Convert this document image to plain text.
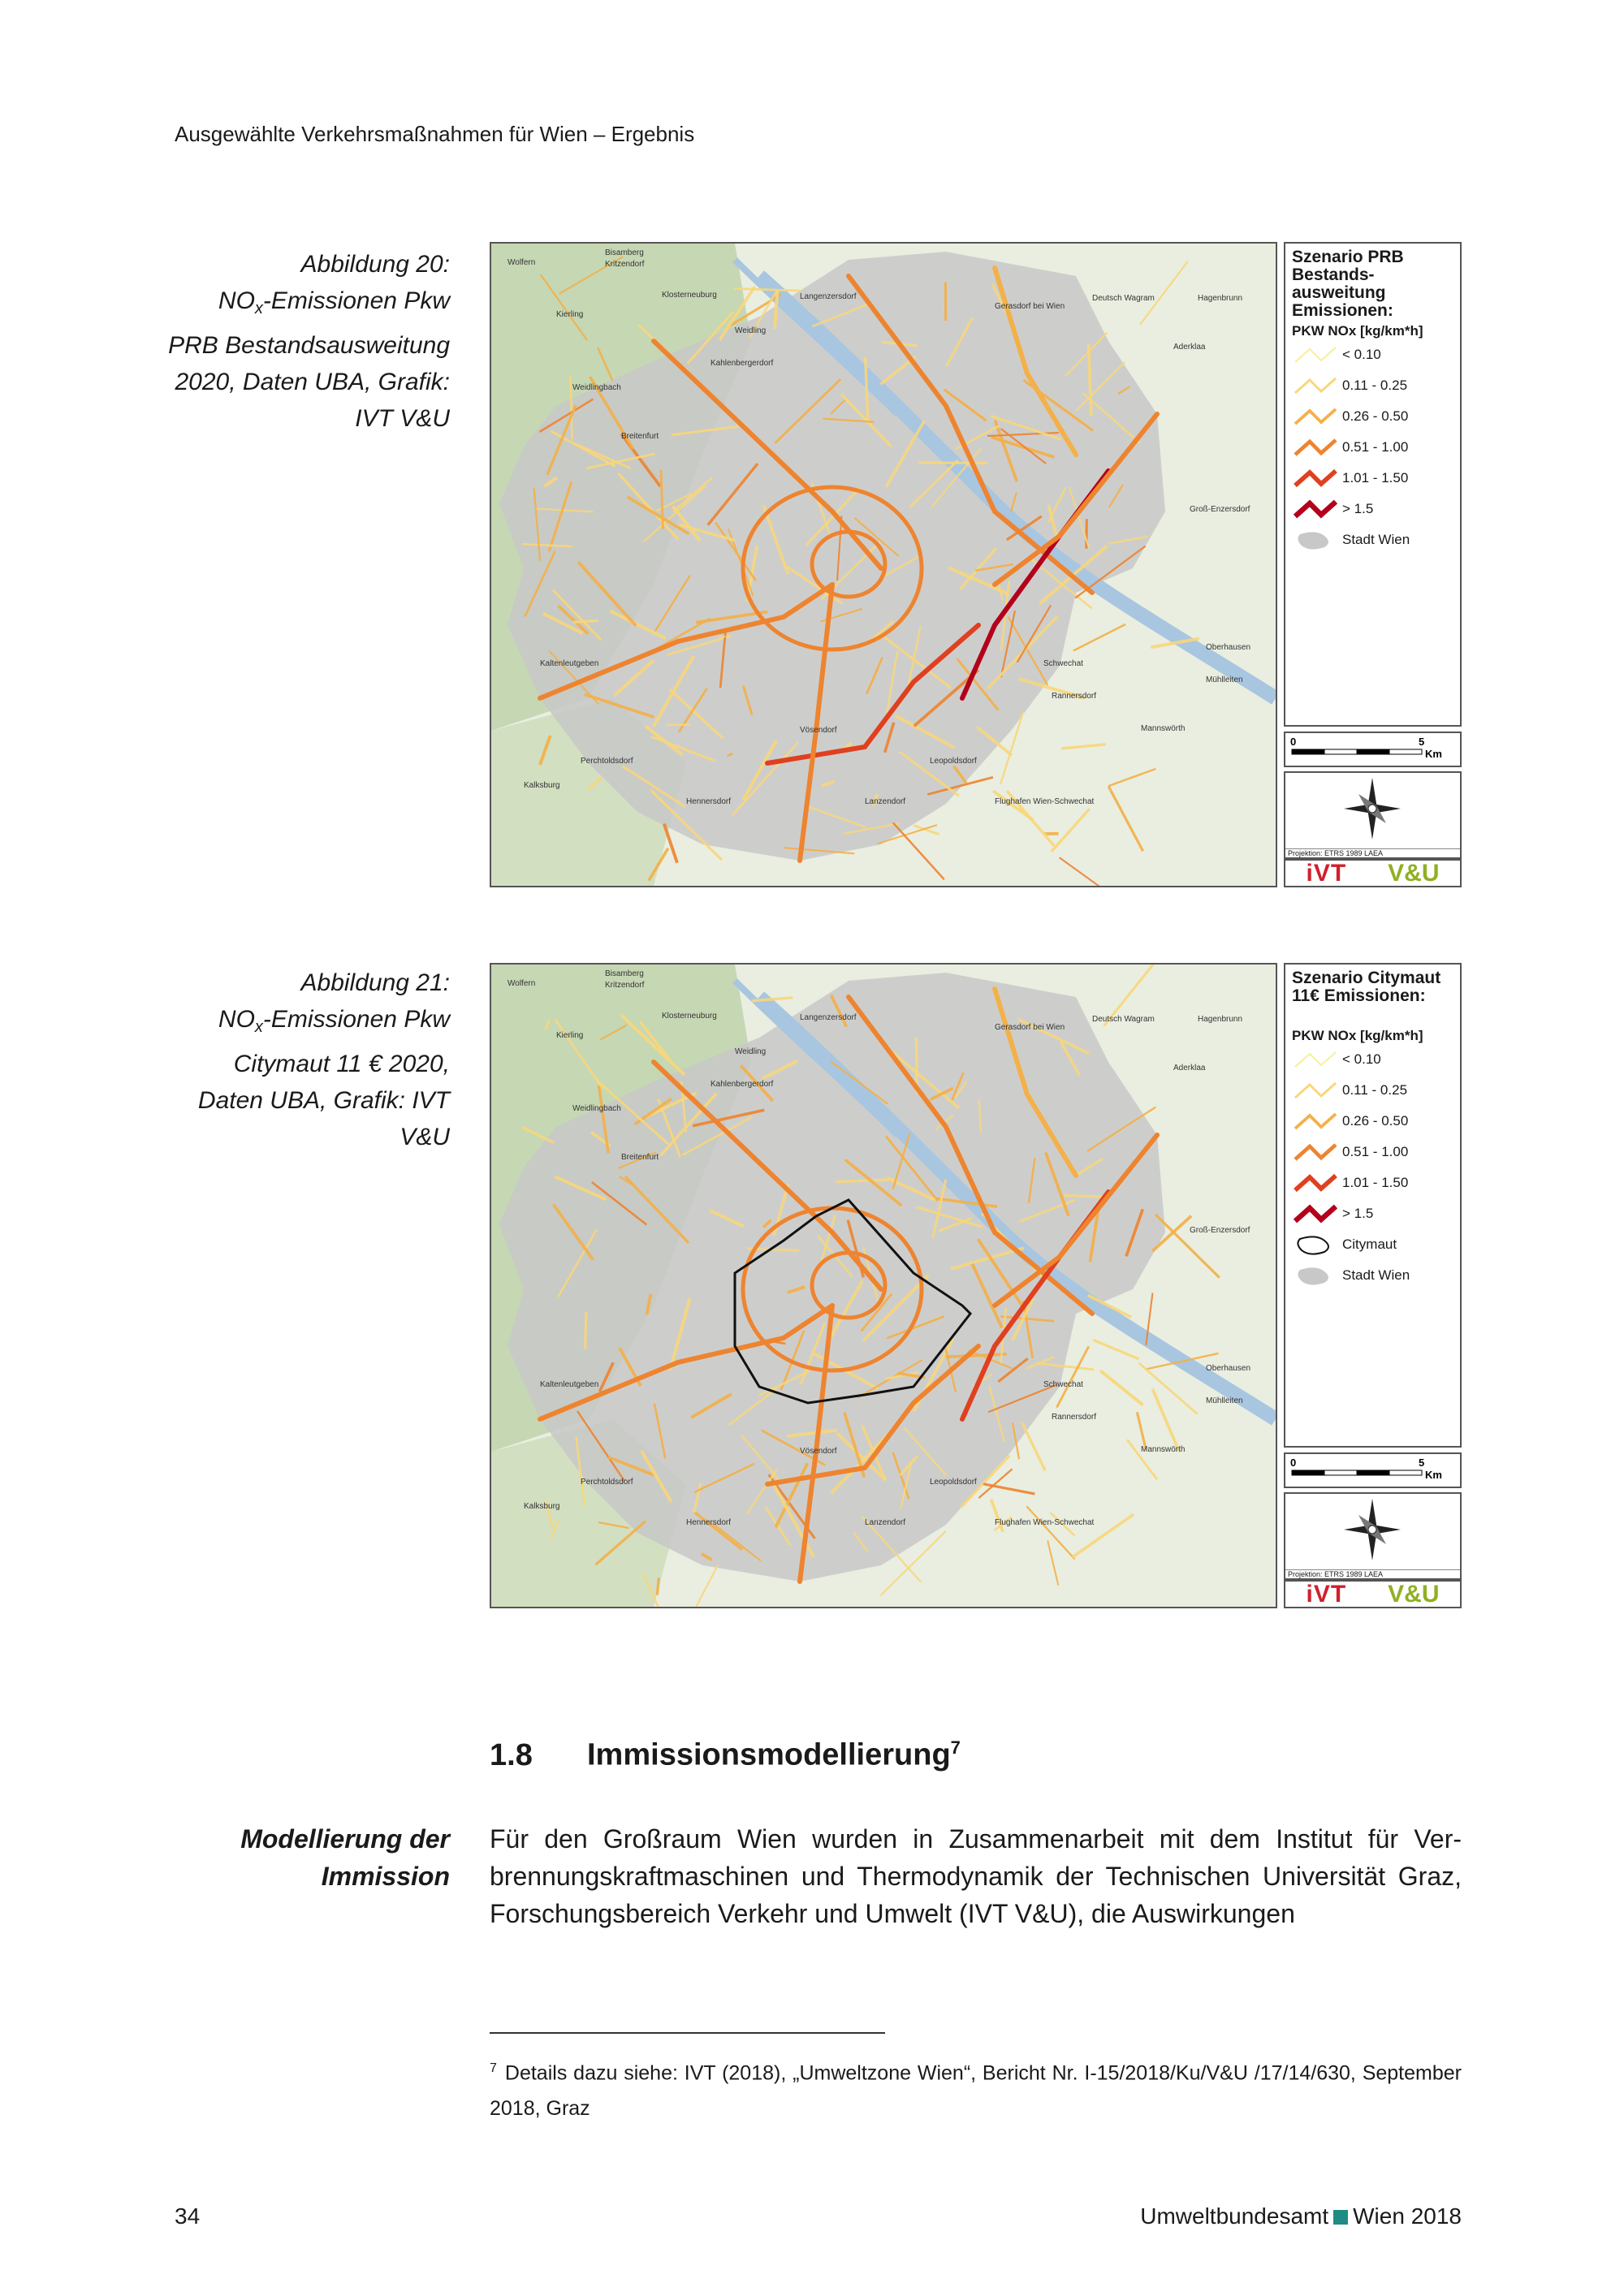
Ausgewählte Verkehrsmaßnahmen für Wien – Ergebnis
Abbildung 20:
$NO_x$-Emissionen Pkw PRB Bestandsausweitung 2020, Daten UBA, Grafik: IVT V&U
Abbildung 21:
$NO_x$-Emissionen Pkw Citymaut 11 € 2020, Daten UBA, Grafik: IVT V&U
Bisamberg
Wolfern	Kritzendorf
Klosterneuburg	Langenzersdorf
Gerasdorf bei Wien
Deutsch Wagram
Kierling
Weidling
Aderklaa
Kahlenbergerdorf
Weidlingbach
Breitenfurt
Schwechat
Vösendorf
Perchtoldsdorf	Leopoldsdorf
Lanzendorf
Rannersdorf
Mannswörth
Groß-Enzersdorf
Oberhausen
Mühlleiten
Hagenbrunn
Kaltenleutgeben
Hennersdorf
Kalksburg
Flughafen Wien-Schwechat
Szenario PRB Bestands-ausweitung Emissionen:
PKW NOx [kg/km*h]
< 0.10
0.11 - 0.25
0.26 - 0.50
0.51 - 1.00
1.01 - 1.50
> 1.5
Stadt Wien
0	5
Km
Projektion: ETRS 1989 LAEA
iVT V&U
Bisamberg
Wolfern	Kritzendorf
Klosterneuburg	Langenzersdorf
Gerasdorf bei Wien
Deutsch Wagram
Kierling
Weidling
Aderklaa
Kahlenbergerdorf
Weidlingbach
Breitenfurt
Schwechat
Vösendorf
Perchtoldsdorf	Leopoldsdorf
Lanzendorf
Rannersdorf
Mannswörth
Groß-Enzersdorf
Oberhausen
Mühlleiten
Hagenbrunn
Kaltenleutgeben
Hennersdorf
Kalksburg
Flughafen Wien-Schwechat
Szenario Citymaut 11€ Emissionen:
PKW NOx [kg/km*h]
< 0.10
0.11 - 0.25
0.26 - 0.50
0.51 - 1.00
1.01 - 1.50
> 1.5
Citymaut
Stadt Wien
0	5
Km
Projektion: ETRS 1989 LAEA
iVT V&U
1.8 Immissionsmodellierung$^7$
Modellierung der Immission
Für den Großraum Wien wurden in Zusammenarbeit mit dem Institut für Verbrennungskraftmaschinen und Thermodynamik der Technischen Universität Graz, Forschungsbereich Verkehr und Umwelt (IVT V&U), die Auswirkungen
$^7$ Details dazu siehe: IVT (2018), „Umweltzone Wien“, Bericht Nr. I-15/2018/Ku/V&U /17/14/630, September 2018, Graz
34	Umweltbundesamt Wien 2018
